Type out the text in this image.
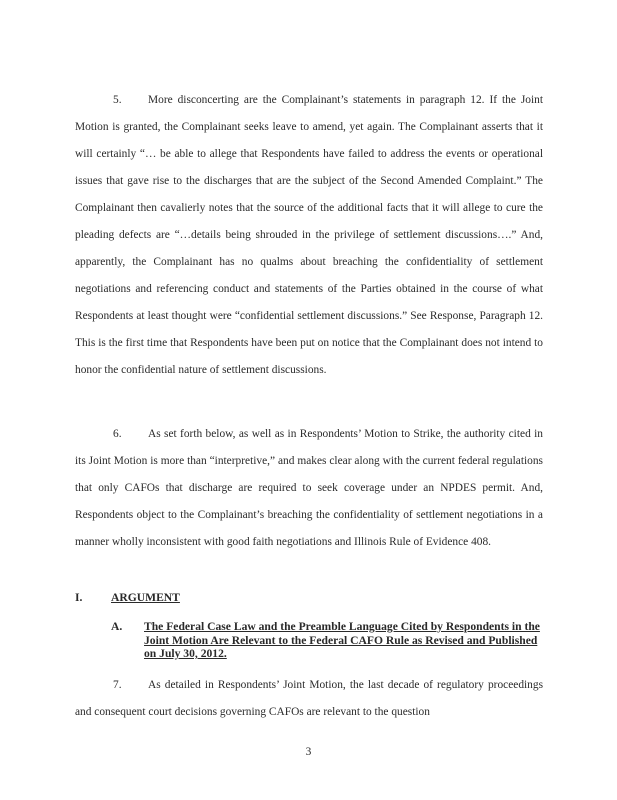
5. More disconcerting are the Complainant’s statements in paragraph 12. If the Joint Motion is granted, the Complainant seeks leave to amend, yet again. The Complainant asserts that it will certainly “… be able to allege that Respondents have failed to address the events or operational issues that gave rise to the discharges that are the subject of the Second Amended Complaint.” The Complainant then cavalierly notes that the source of the additional facts that it will allege to cure the pleading defects are “…details being shrouded in the privilege of settlement discussions….” And, apparently, the Complainant has no qualms about breaching the confidentiality of settlement negotiations and referencing conduct and statements of the Parties obtained in the course of what Respondents at least thought were “confidential settlement discussions.” See Response, Paragraph 12. This is the first time that Respondents have been put on notice that the Complainant does not intend to honor the confidential nature of settlement discussions.

6. As set forth below, as well as in Respondents’ Motion to Strike, the authority cited in its Joint Motion is more than “interpretive,” and makes clear along with the current federal regulations that only CAFOs that discharge are required to seek coverage under an NPDES permit. And, Respondents object to the Complainant’s breaching the confidentiality of settlement negotiations in a manner wholly inconsistent with good faith negotiations and Illinois Rule of Evidence 408.

I. ARGUMENT
A. The Federal Case Law and the Preamble Language Cited by Respondents in the Joint Motion Are Relevant to the Federal CAFO Rule as Revised and Published on July 30, 2012.

7. As detailed in Respondents’ Joint Motion, the last decade of regulatory proceedings and consequent court decisions governing CAFOs are relevant to the question

3
